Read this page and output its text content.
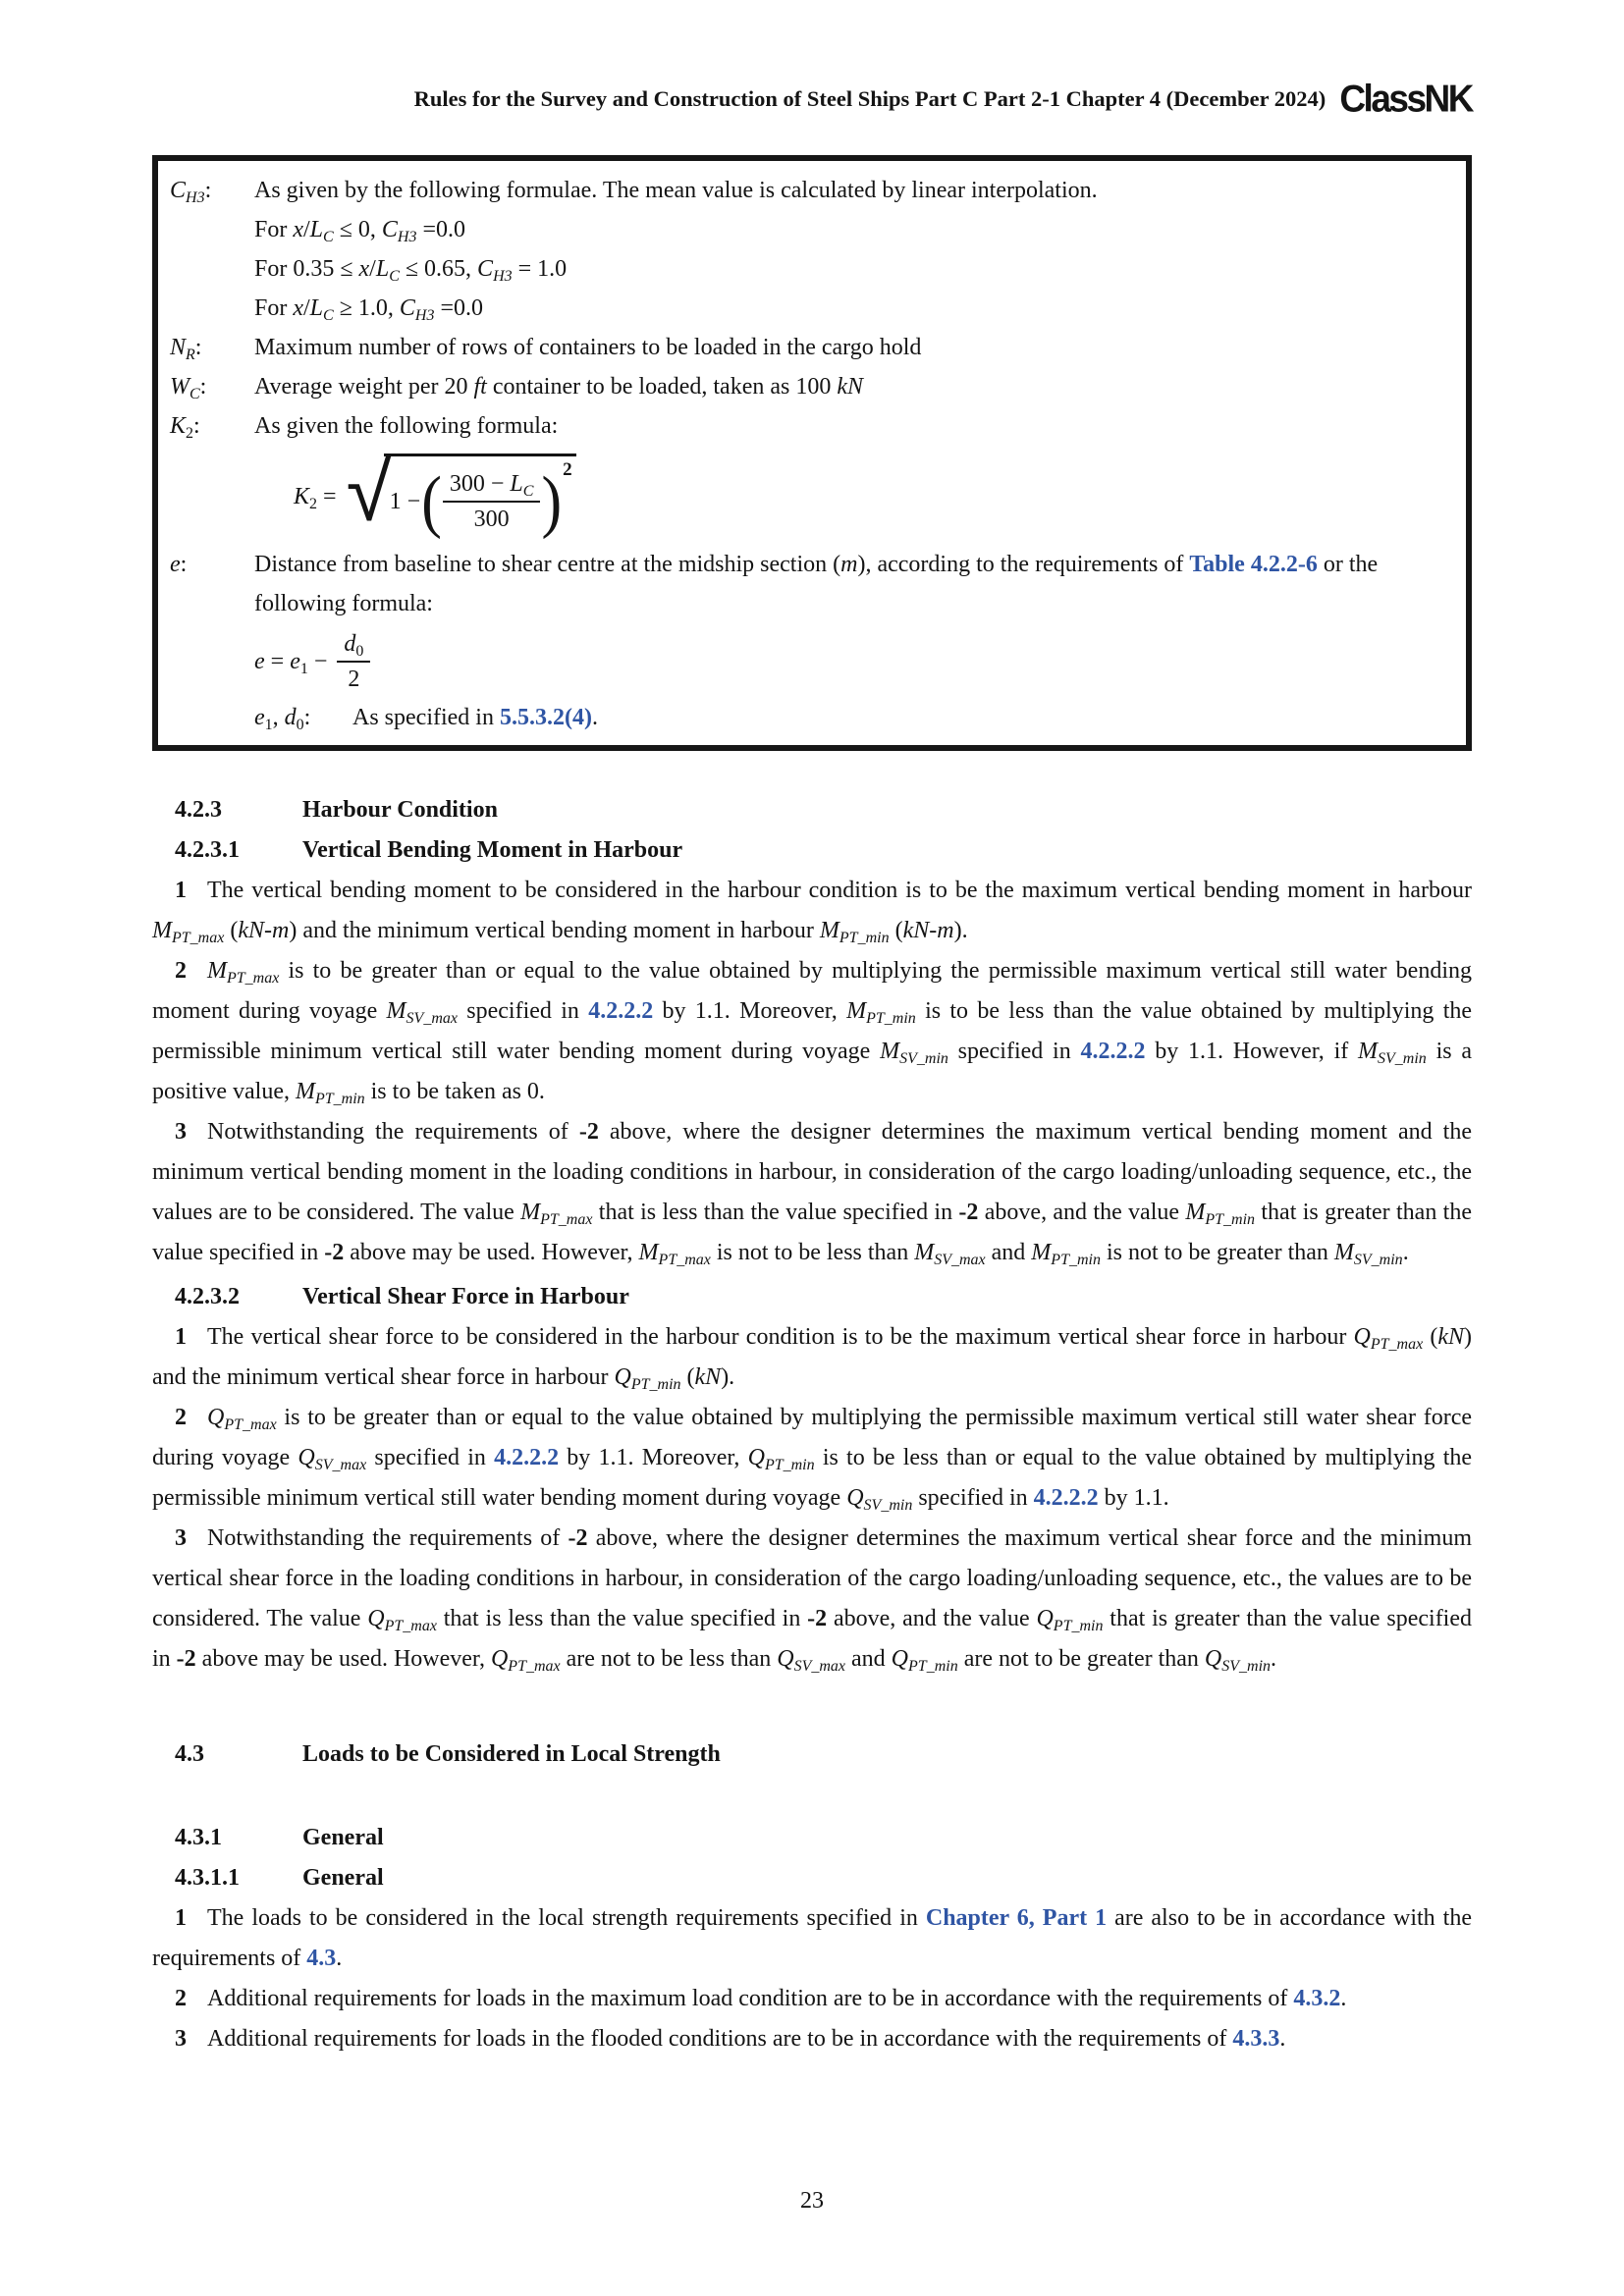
Rules for the Survey and Construction of Steel Ships Part C Part 2-1 Chapter 4 (December 2024) ClassNK
$C_{H3}$:	As given by the following formulae. The mean value is calculated by linear interpolation.
For $x/L_C \le 0$, $C_{H3} =0.0$
For $0.35 \le x/L_C \le 0.65$, $C_{H3} = 1.0$
For $x/L_C \ge 1.0$, $C_{H3} =0.0$
$N_R$:	Maximum number of rows of containers to be loaded in the cargo hold
$W_C$:	Average weight per 20 ft container to be loaded, taken as 100 kN
$K_2$:	As given the following formula:
$K_2$ = √
1 − ( $\frac{300 - L_C}{300}$ ) 2
e:	Distance from baseline to shear centre at the midship section (m), according to the requirements of Table 4.2.2-6 or the following formula:
$e = e_1 - \frac{d_0}{2}$
$e_1$, $d_0$:	As specified in 5.5.3.2(4).
4.2.3	Harbour Condition
4.2.3.1	Vertical Bending Moment in Harbour

1 The vertical bending moment to be considered in the harbour condition is to be the maximum vertical bending moment in harbour $M_{PT\_max}$ (kN-m) and the minimum vertical bending moment in harbour $M_{PT\_min}$ (kN-m).

2 $M_{PT\_max}$ is to be greater than or equal to the value obtained by multiplying the permissible maximum vertical still water bending moment during voyage $M_{SV\_max}$ specified in 4.2.2.2 by 1.1. Moreover, $M_{PT\_min}$ is to be less than the value obtained by multiplying the permissible minimum vertical still water bending moment during voyage $M_{SV\_min}$ specified in 4.2.2.2 by 1.1. However, if $M_{SV\_min}$ is a positive value, $M_{PT\_min}$ is to be taken as 0.

3 Notwithstanding the requirements of -2 above, where the designer determines the maximum vertical bending moment and the minimum vertical bending moment in the loading conditions in harbour, in consideration of the cargo loading/unloading sequence, etc., the values are to be considered. The value $M_{PT\_max}$ that is less than the value specified in -2 above, and the value $M_{PT\_min}$ that is greater than the value specified in -2 above may be used. However, $M_{PT\_max}$ is not to be less than $M_{SV\_max}$ and $M_{PT\_min}$ is not to be greater than $M_{SV\_min}$.

4.2.3.2	Vertical Shear Force in Harbour

1 The vertical shear force to be considered in the harbour condition is to be the maximum vertical shear force in harbour $Q_{PT\_max}$ (kN) and the minimum vertical shear force in harbour $Q_{PT\_min}$ (kN).

2 $Q_{PT\_max}$ is to be greater than or equal to the value obtained by multiplying the permissible maximum vertical still water shear force during voyage $Q_{SV\_max}$ specified in 4.2.2.2 by 1.1. Moreover, $Q_{PT\_min}$ is to be less than or equal to the value obtained by multiplying the permissible minimum vertical still water bending moment during voyage $Q_{SV\_min}$ specified in 4.2.2.2 by 1.1.

3 Notwithstanding the requirements of -2 above, where the designer determines the maximum vertical shear force and the minimum vertical shear force in the loading conditions in harbour, in consideration of the cargo loading/unloading sequence, etc., the values are to be considered. The value $Q_{PT\_max}$ that is less than the value specified in -2 above, and the value $Q_{PT\_min}$ that is greater than the value specified in -2 above may be used. However, $Q_{PT\_max}$ are not to be less than $Q_{SV\_max}$ and $Q_{PT\_min}$ are not to be greater than $Q_{SV\_min}$.

4.3	Loads to be Considered in Local Strength
4.3.1	General
4.3.1.1	General

1 The loads to be considered in the local strength requirements specified in Chapter 6, Part 1 are also to be in accordance with the requirements of 4.3.

2 Additional requirements for loads in the maximum load condition are to be in accordance with the requirements of 4.3.2.

3 Additional requirements for loads in the flooded conditions are to be in accordance with the requirements of 4.3.3.

23
